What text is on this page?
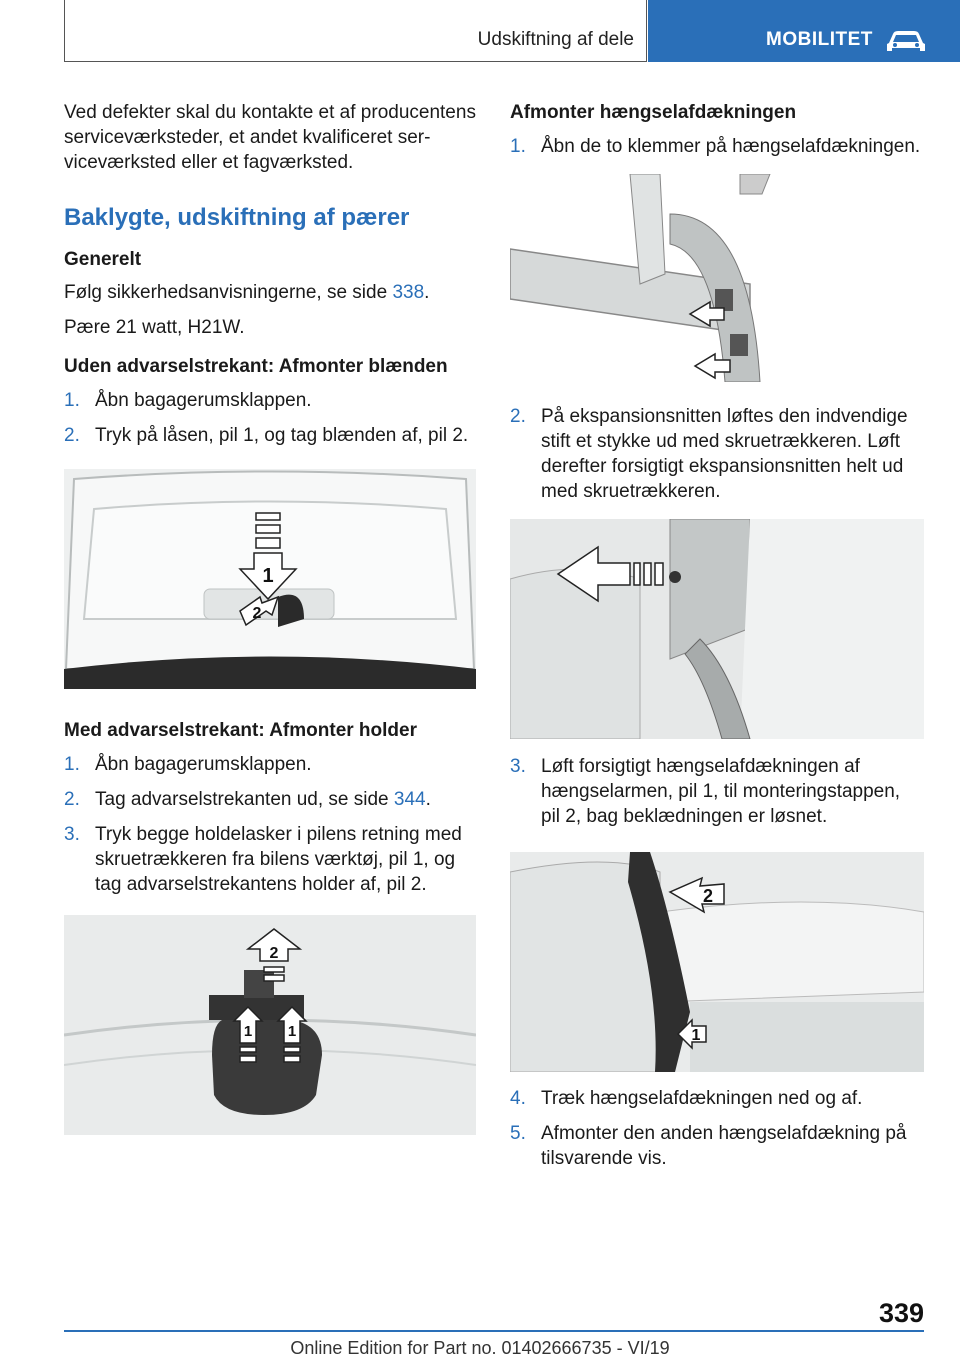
Udskiftning af dele	MOBILITET

Ved defekter skal du kontakte et af producentens serviceværksteder, et andet kvalificeret serviceværksted eller et fagværksted.

Baklygte, udskiftning af pærer
Generelt

Følg sikkerhedsanvisningerne, se side 338.

Pære 21 watt, H21W.

Uden advarselstrekant: Afmonter blænden
1. Åbn bagagerumsklappen.
2. Tryk på låsen, pil 1, og tag blænden af, pil 2.
1
2
Med advarselstrekant: Afmonter holder
1. Åbn bagagerumsklappen.
2. Tag advarselstrekanten ud, se side 344.
3. Tryk begge holdelasker i pilens retning med skruetrækkeren fra bilens værktøj, pil 1, og tag advarselstrekantens holder af, pil 2.
2
1 1
Afmonter hængselafdækningen
1. Åbn de to klemmer på hængselafdækningen.
2. På ekspansionsnitten løftes den indvendige stift et stykke ud med skruetrækkeren. Løft derefter forsigtigt ekspansionsnitten helt ud med skruetrækkeren.
3. Løft forsigtigt hængselafdækningen af hængselarmen, pil 1, til monteringstappen, pil 2, bag beklædningen er løsnet.
2
1
4. Træk hængselafdækningen ned og af.
5. Afmonter den anden hængselafdækning på tilsvarende vis.
339
Online Edition for Part no. 01402666735 - VI/19
